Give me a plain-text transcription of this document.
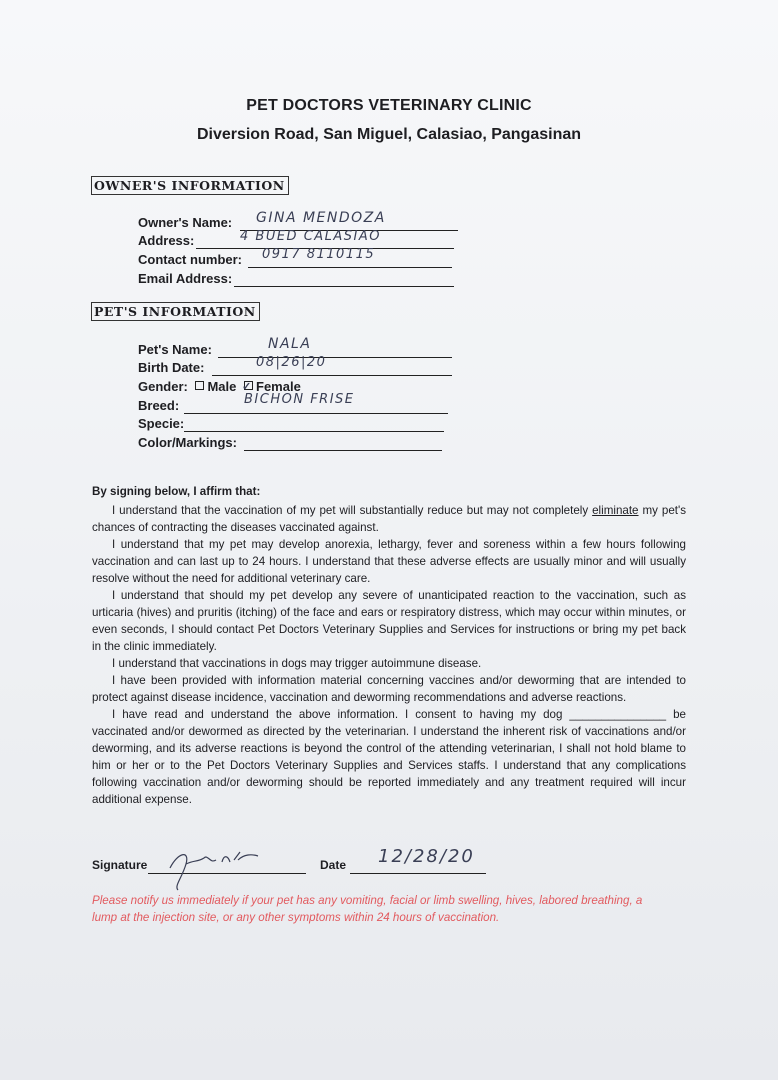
PET DOCTORS VETERINARY CLINIC
Diversion Road, San Miguel, Calasiao, Pangasinan
OWNER'S INFORMATION
Owner's Name: GINA MENDOZA
Address:	4 BUED CALASIAO
Contact number: 0917 8110115
Email Address:
PET'S INFORMATION
Pet's Name:	NALA
Birth Date:	08|26|20
Gender: Male ✓ Female
Breed:	BICHON FRISE
Specie:
Color/Markings:
By signing below, I affirm that:

I understand that the vaccination of my pet will substantially reduce but may not completely eliminate my pet's chances of contracting the diseases vaccinated against.

I understand that my pet may develop anorexia, lethargy, fever and soreness within a few hours following vaccination and can last up to 24 hours. I understand that these adverse effects are usually minor and will usually resolve without the need for additional veterinary care.

I understand that should my pet develop any severe of unanticipated reaction to the vaccination, such as urticaria (hives) and pruritis (itching) of the face and ears or respiratory distress, which may occur within minutes, or even seconds, I should contact Pet Doctors Veterinary Supplies and Services for instructions or bring my pet back in the clinic immediately.

I understand that vaccinations in dogs may trigger autoimmune disease.

I have been provided with information material concerning vaccines and/or deworming that are intended to protect against disease incidence, vaccination and deworming recommendations and adverse reactions.

I have read and understand the above information. I consent to having my dog _______________ be vaccinated and/or dewormed as directed by the veterinarian. I understand the inherent risk of vaccinations and/or deworming, and its adverse reactions is beyond the control of the attending veterinarian, I shall not hold blame to him or her or to the Pet Doctors Veterinary Supplies and Services staffs. I understand that any complications following vaccination and/or deworming should be reported immediately and any treatment required will incur additional expense.

Signature	Date 12/28/20
Please notify us immediately if your pet has any vomiting, facial or limb swelling, hives, labored breathing, a lump at the injection site, or any other symptoms within 24 hours of vaccination.
